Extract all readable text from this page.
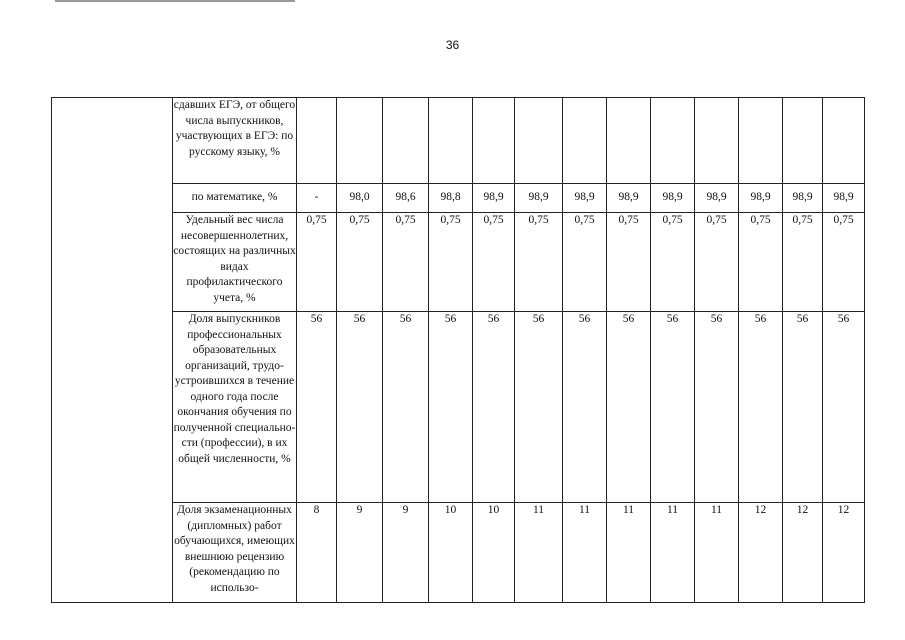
36
	сдавших ЕГЭ, от общего числа выпускников, участвующих в ЕГЭ: по русскому языку, %													
	по математике, %	-	98,0	98,6	98,8	98,9	98,9	98,9	98,9	98,9	98,9	98,9	98,9	98,9
	Удельный вес числа несовершеннолетних, состоящих на различных видах профилактического учета, %	0,75	0,75	0,75	0,75	0,75	0,75	0,75	0,75	0,75	0,75	0,75	0,75	0,75
	Доля выпускников профессиональных образовательных организаций, трудоустроившихся в течение одного года после окончания обучения по полученной специальности (профессии), в их общей численности, %	56	56	56	56	56	56	56	56	56	56	56	56	56
	Доля экзаменационных (дипломных) работ обучающихся, имеющих внешнюю рецензию (рекомендацию по использо-	8	9	9	10	10	11	11	11	11	11	12	12	12
